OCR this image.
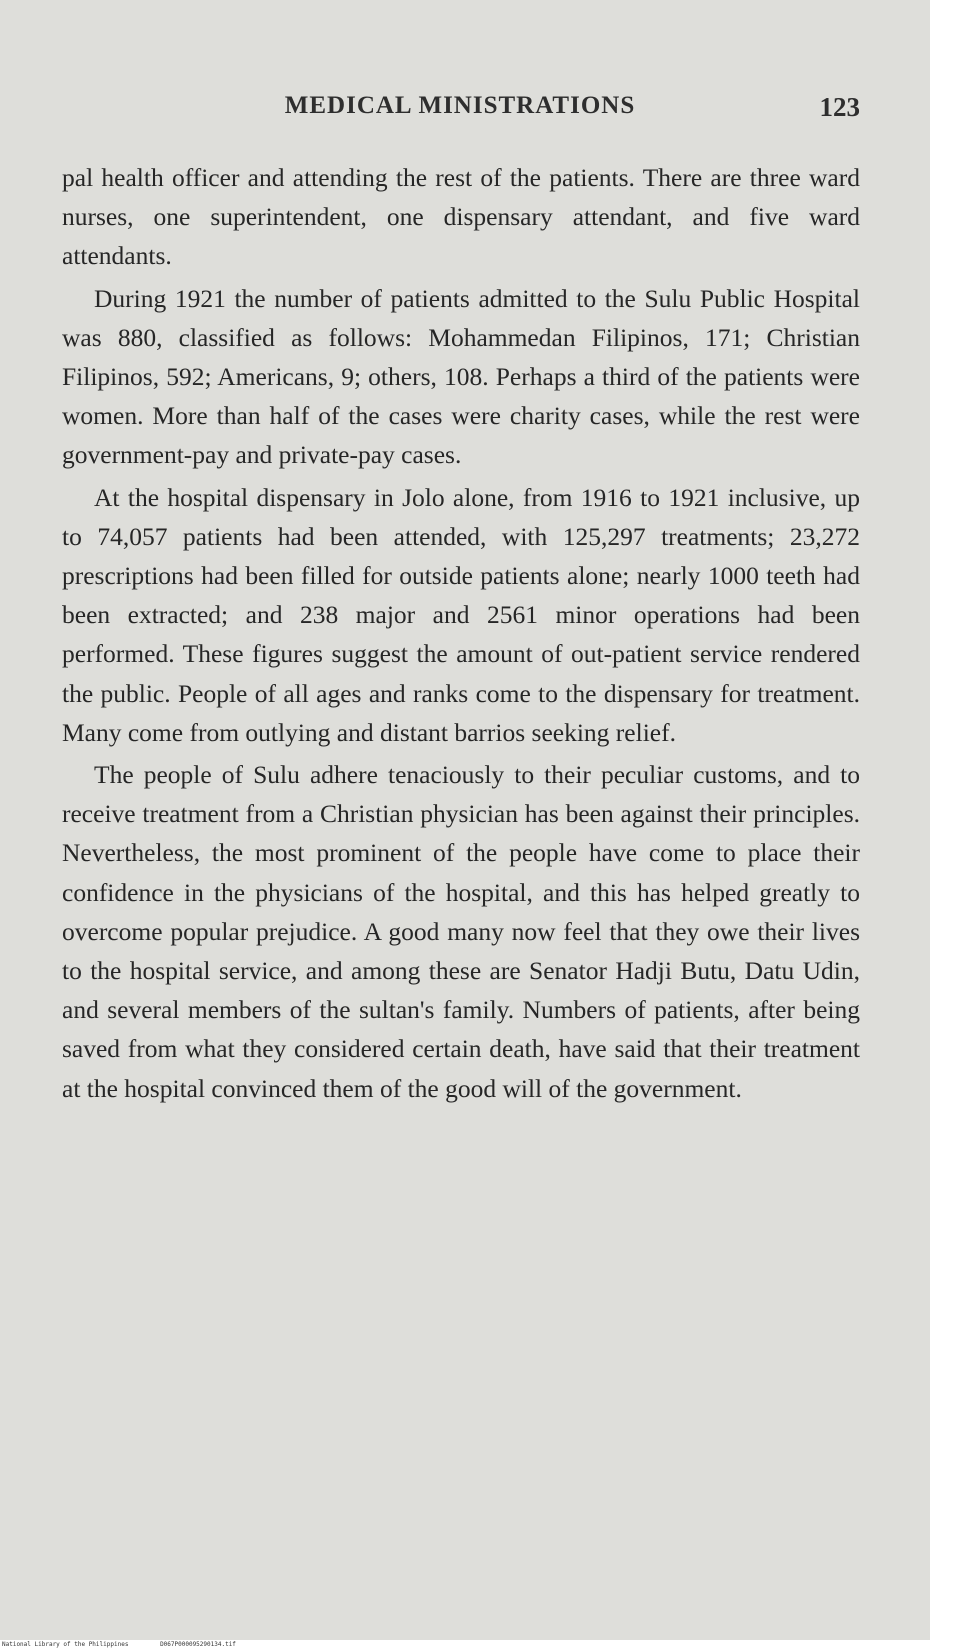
MEDICAL MINISTRATIONS	123

pal health officer and attending the rest of the patients. There are three ward nurses, one superintendent, one dispensary attendant, and five ward attendants.

During 1921 the number of patients admitted to the Sulu Public Hospital was 880, classified as follows: Mohammedan Filipinos, 171; Christian Filipinos, 592; Americans, 9; others, 108. Perhaps a third of the patients were women. More than half of the cases were charity cases, while the rest were government-pay and private-pay cases.

At the hospital dispensary in Jolo alone, from 1916 to 1921 inclusive, up to 74,057 patients had been attended, with 125,297 treatments; 23,272 prescriptions had been filled for outside patients alone; nearly 1000 teeth had been extracted; and 238 major and 2561 minor operations had been performed. These figures suggest the amount of out-patient service rendered the public. People of all ages and ranks come to the dispensary for treatment. Many come from outlying and distant barrios seeking relief.

The people of Sulu adhere tenaciously to their peculiar customs, and to receive treatment from a Christian physician has been against their principles. Nevertheless, the most prominent of the people have come to place their confidence in the physicians of the hospital, and this has helped greatly to overcome popular prejudice. A good many now feel that they owe their lives to the hospital service, and among these are Senator Hadji Butu, Datu Udin, and several members of the sultan's family. Numbers of patients, after being saved from what they considered certain death, have said that their treatment at the hospital convinced them of the good will of the government.

National Library of the Philippines	D067P000095290134.tif
